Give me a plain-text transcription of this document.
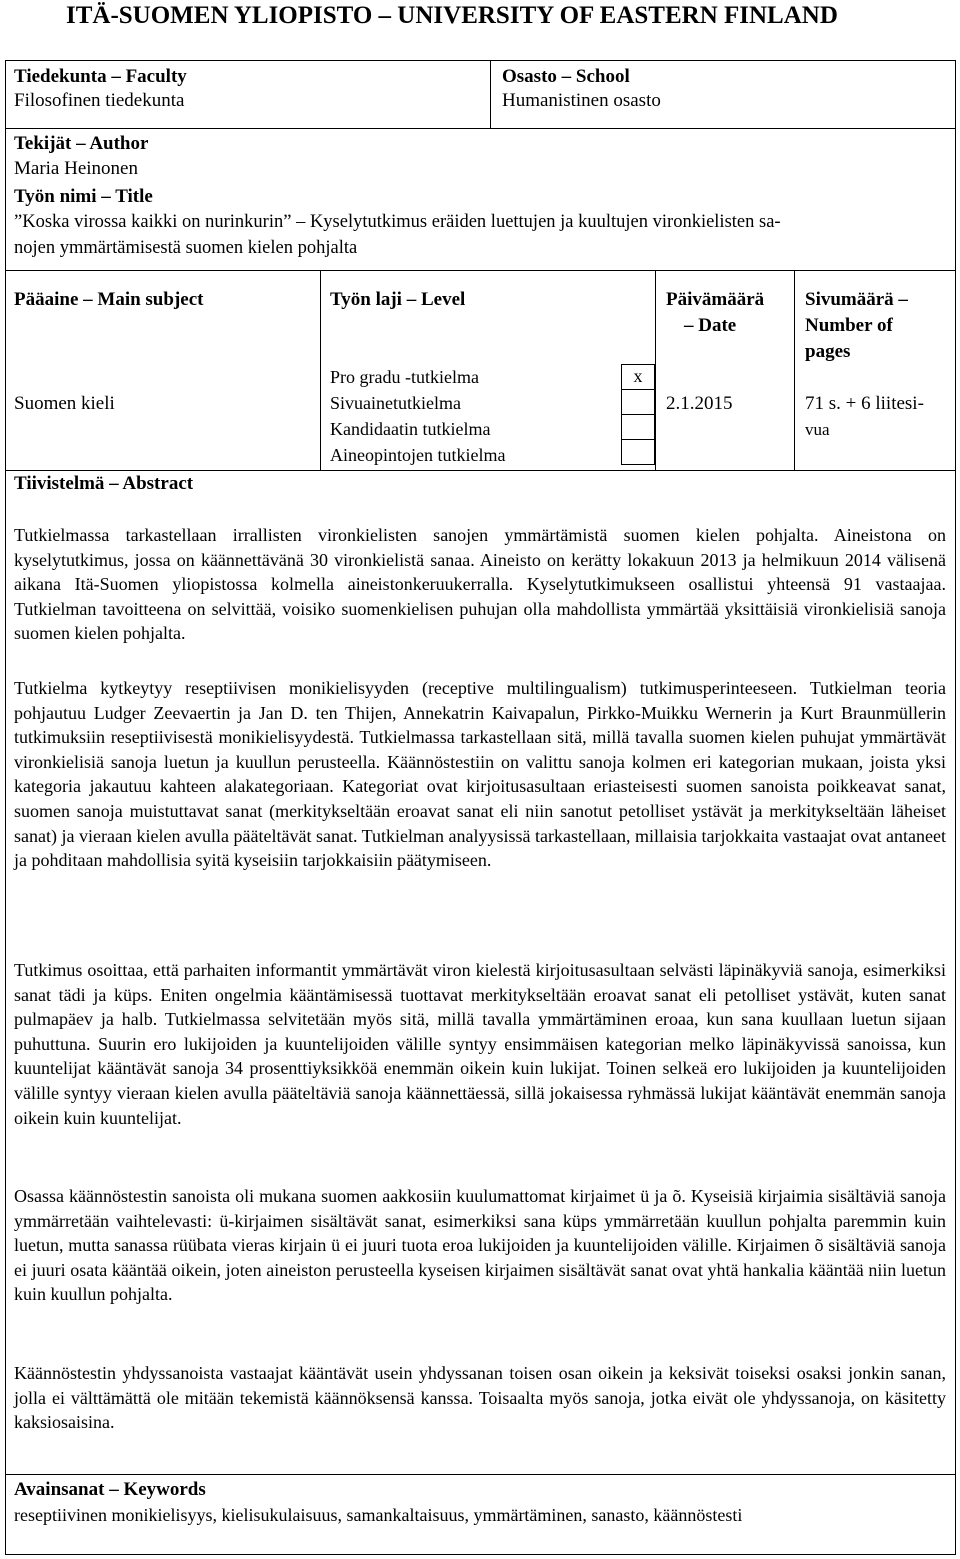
ITÄ-SUOMEN YLIOPISTO – UNIVERSITY OF EASTERN FINLAND
Tiedekunta – Faculty
Filosofinen tiedekunta
Osasto – School
Humanistinen osasto
Tekijät – Author
Maria Heinonen
Työn nimi – Title
”Koska virossa kaikki on nurinkurin” – Kyselytutkimus eräiden luettujen ja kuultujen vironkielisten sa-
nojen ymmärtämisestä suomen kielen pohjalta
Pääaine – Main subject
Suomen kieli
Työn laji – Level
Pro gradu -tutkielma
Sivuainetutkielma
Kandidaatin tutkielma
Aineopintojen tutkielma
x
Päivämäärä
– Date
2.1.2015
Sivumäärä –
Number of
pages
71 s. + 6 liitesi-
vua
Tiivistelmä – Abstract

Tutkielmassa tarkastellaan irrallisten vironkielisten sanojen ymmärtämistä suomen kielen pohjalta. Aineistona on kyselytutkimus, jossa on käännettävänä 30 vironkielistä sanaa. Aineisto on kerätty lokakuun 2013 ja helmikuun 2014 välisenä aikana Itä-Suomen yliopistossa kolmella aineistonkeruukerralla. Kyselytutkimukseen osallistui yhteensä 91 vastaajaa. Tutkielman tavoitteena on selvittää, voisiko suomenkielisen puhujan olla mahdollista ymmärtää yksittäisiä vironkielisiä sanoja suomen kielen pohjalta.

Tutkielma kytkeytyy reseptiivisen monikielisyyden (receptive multilingualism) tutkimusperinteeseen. Tutkielman teoria pohjautuu Ludger Zeevaertin ja Jan D. ten Thijen, Annekatrin Kaivapalun, Pirkko-Muikku Wernerin ja Kurt Braunmüllerin tutkimuksiin reseptiivisestä monikielisyydestä. Tutkielmassa tarkastellaan sitä, millä tavalla suomen kielen puhujat ymmärtävät vironkielisiä sanoja luetun ja kuullun perusteella. Käännöstestiin on valittu sanoja kolmen eri kategorian mukaan, joista yksi kategoria jakautuu kahteen alakategoriaan. Kategoriat ovat kirjoitusasultaan eriasteisesti suomen sanoista poikkeavat sanat, suomen sanoja muistuttavat sanat (merkitykseltään eroavat sanat eli niin sanotut petolliset ystävät ja merkitykseltään läheiset sanat) ja vieraan kielen avulla pääteltävät sanat. Tutkielman analyysissä tarkastellaan, millaisia tarjokkaita vastaajat ovat antaneet ja pohditaan mahdollisia syitä kyseisiin tarjokkaisiin päätymiseen.

Tutkimus osoittaa, että parhaiten informantit ymmärtävät viron kielestä kirjoitusasultaan selvästi läpinäkyviä sanoja, esimerkiksi sanat tädi ja küps. Eniten ongelmia kääntämisessä tuottavat merkitykseltään eroavat sanat eli petolliset ystävät, kuten sanat pulmapäev ja halb. Tutkielmassa selvitetään myös sitä, millä tavalla ymmärtäminen eroaa, kun sana kuullaan luetun sijaan puhuttuna. Suurin ero lukijoiden ja kuuntelijoiden välille syntyy ensimmäisen kategorian melko läpinäkyvissä sanoissa, kun kuuntelijat kääntävät sanoja 34 prosenttiyksikköä enemmän oikein kuin lukijat. Toinen selkeä ero lukijoiden ja kuuntelijoiden välille syntyy vieraan kielen avulla pääteltäviä sanoja käännettäessä, sillä jokaisessa ryhmässä lukijat kääntävät enemmän sanoja oikein kuin kuuntelijat.

Osassa käännöstestin sanoista oli mukana suomen aakkosiin kuulumattomat kirjaimet ü ja õ. Kyseisiä kirjaimia sisältäviä sanoja ymmärretään vaihtelevasti: ü-kirjaimen sisältävät sanat, esimerkiksi sana küps ymmärretään kuullun pohjalta paremmin kuin luetun, mutta sanassa rüübata vieras kirjain ü ei juuri tuota eroa lukijoiden ja kuuntelijoiden välille. Kirjaimen õ sisältäviä sanoja ei juuri osata kääntää oikein, joten aineiston perusteella kyseisen kirjaimen sisältävät sanat ovat yhtä hankalia kääntää niin luetun kuin kuullun pohjalta.

Käännöstestin yhdyssanoista vastaajat kääntävät usein yhdyssanan toisen osan oikein ja keksivät toiseksi osaksi jonkin sanan, jolla ei välttämättä ole mitään tekemistä käännöksensä kanssa. Toisaalta myös sanoja, jotka eivät ole yhdyssanoja, on käsitetty kaksiosaisina.

Avainsanat – Keywords
reseptiivinen monikielisyys, kielisukulaisuus, samankaltaisuus, ymmärtäminen, sanasto, käännöstesti
